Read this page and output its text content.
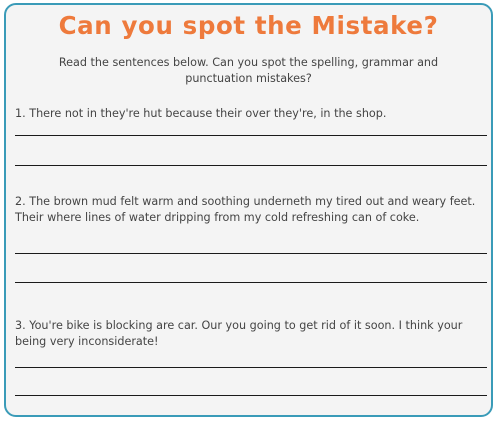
Can you spot the Mistake?
Read the sentences below. Can you spot the spelling, grammar and punctuation mistakes?
1. There not in they're hut because their over they're, in the shop.
2. The brown mud felt warm and soothing underneth my tired out and weary feet. Their where lines of water dripping from my cold refreshing can of coke.
3. You're bike is blocking are car. Our you going to get rid of it soon. I think your being very inconsiderate!
